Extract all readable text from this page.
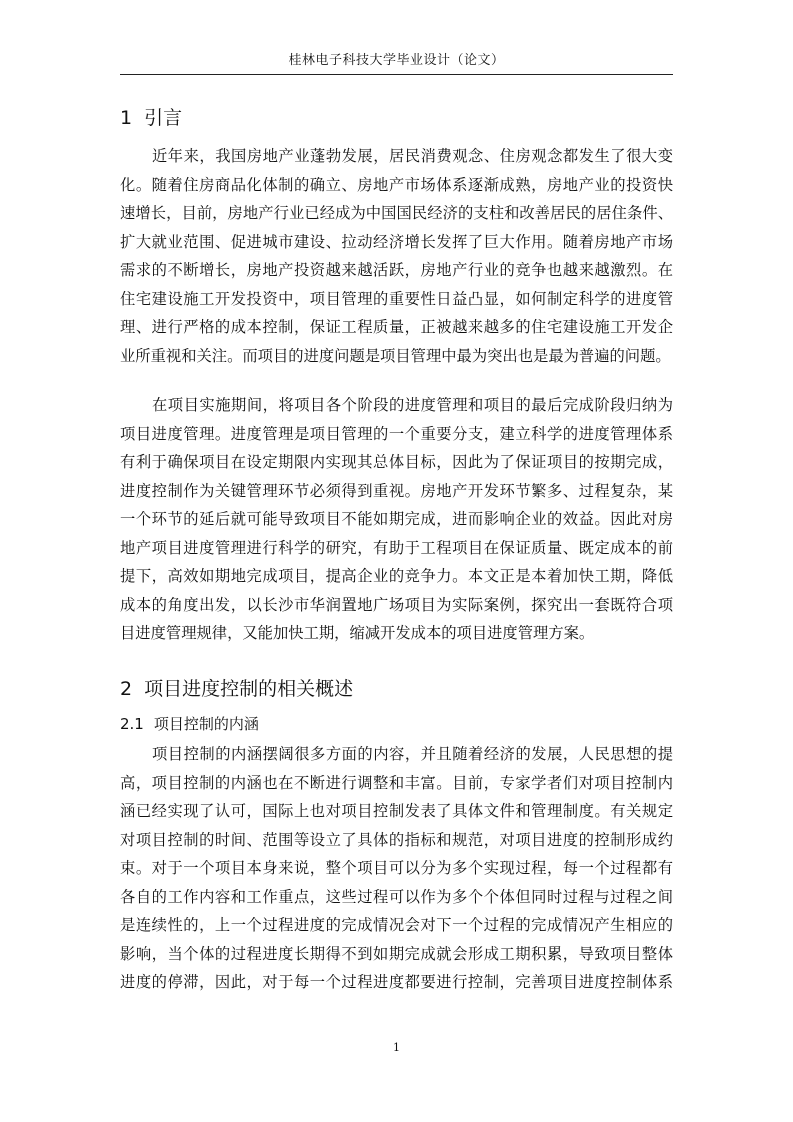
桂林电子科技大学毕业设计（论文）
1 引言
近年来，我国房地产业蓬勃发展，居民消费观念、住房观念都发生了很大变
化。随着住房商品化体制的确立、房地产市场体系逐渐成熟，房地产业的投资快
速增长，目前，房地产行业已经成为中国国民经济的支柱和改善居民的居住条件、
扩大就业范围、促进城市建设、拉动经济增长发挥了巨大作用。随着房地产市场
需求的不断增长，房地产投资越来越活跃，房地产行业的竞争也越来越激烈。在
住宅建设施工开发投资中，项目管理的重要性日益凸显，如何制定科学的进度管
理、进行严格的成本控制，保证工程质量，正被越来越多的住宅建设施工开发企
业所重视和关注。而项目的进度问题是项目管理中最为突出也是最为普遍的问题。
在项目实施期间，将项目各个阶段的进度管理和项目的最后完成阶段归纳为
项目进度管理。进度管理是项目管理的一个重要分支，建立科学的进度管理体系
有利于确保项目在设定期限内实现其总体目标，因此为了保证项目的按期完成，
进度控制作为关键管理环节必须得到重视。房地产开发环节繁多、过程复杂，某
一个环节的延后就可能导致项目不能如期完成，进而影响企业的效益。因此对房
地产项目进度管理进行科学的研究，有助于工程项目在保证质量、既定成本的前
提下，高效如期地完成项目，提高企业的竞争力。本文正是本着加快工期，降低
成本的角度出发，以长沙市华润置地广场项目为实际案例，探究出一套既符合项
目进度管理规律，又能加快工期，缩减开发成本的项目进度管理方案。
2 项目进度控制的相关概述
2.1 项目控制的内涵
项目控制的内涵摆阔很多方面的内容，并且随着经济的发展，人民思想的提
高，项目控制的内涵也在不断进行调整和丰富。目前，专家学者们对项目控制内
涵已经实现了认可，国际上也对项目控制发表了具体文件和管理制度。有关规定
对项目控制的时间、范围等设立了具体的指标和规范，对项目进度的控制形成约
束。对于一个项目本身来说，整个项目可以分为多个实现过程，每一个过程都有
各自的工作内容和工作重点，这些过程可以作为多个个体但同时过程与过程之间
是连续性的，上一个过程进度的完成情况会对下一个过程的完成情况产生相应的
影响，当个体的过程进度长期得不到如期完成就会形成工期积累，导致项目整体
进度的停滞，因此，对于每一个过程进度都要进行控制，完善项目进度控制体系
1
